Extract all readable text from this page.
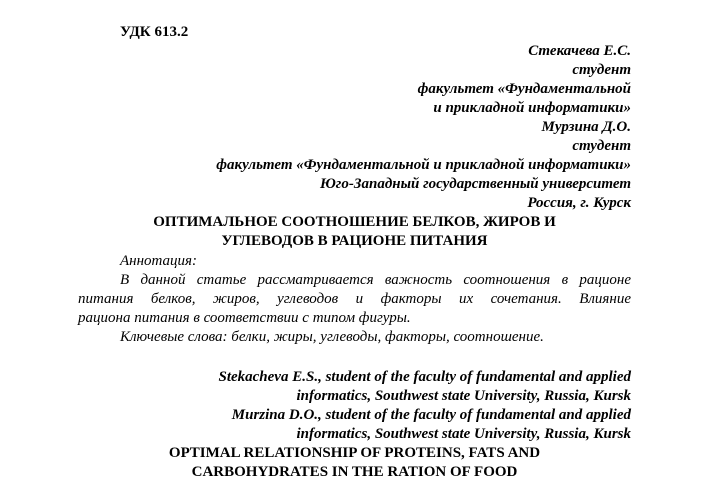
УДК 613.2
Стекачева Е.С.
студент
факультет «Фундаментальной
и прикладной информатики»
Мурзина Д.О.
студент
факультет «Фундаментальной и прикладной информатики»
Юго-Западный государственный университет
Россия, г. Курск
ОПТИМАЛЬНОЕ СООТНОШЕНИЕ БЕЛКОВ, ЖИРОВ И
УГЛЕВОДОВ В РАЦИОНЕ ПИТАНИЯ
Аннотация:
В данной статье рассматривается важность соотношения в рационе
питания белков, жиров, углеводов и факторы их сочетания. Влияние
рациона питания в соответствии с типом фигуры.
Ключевые слова: белки, жиры, углеводы, факторы, соотношение.
Stekacheva E.S., student of the faculty of fundamental and applied
informatics, Southwest state University, Russia, Kursk
Murzina D.O., student of the faculty of fundamental and applied
informatics, Southwest state University, Russia, Kursk
OPTIMAL RELATIONSHIP OF PROTEINS, FATS AND
CARBOHYDRATES IN THE RATION OF FOOD
